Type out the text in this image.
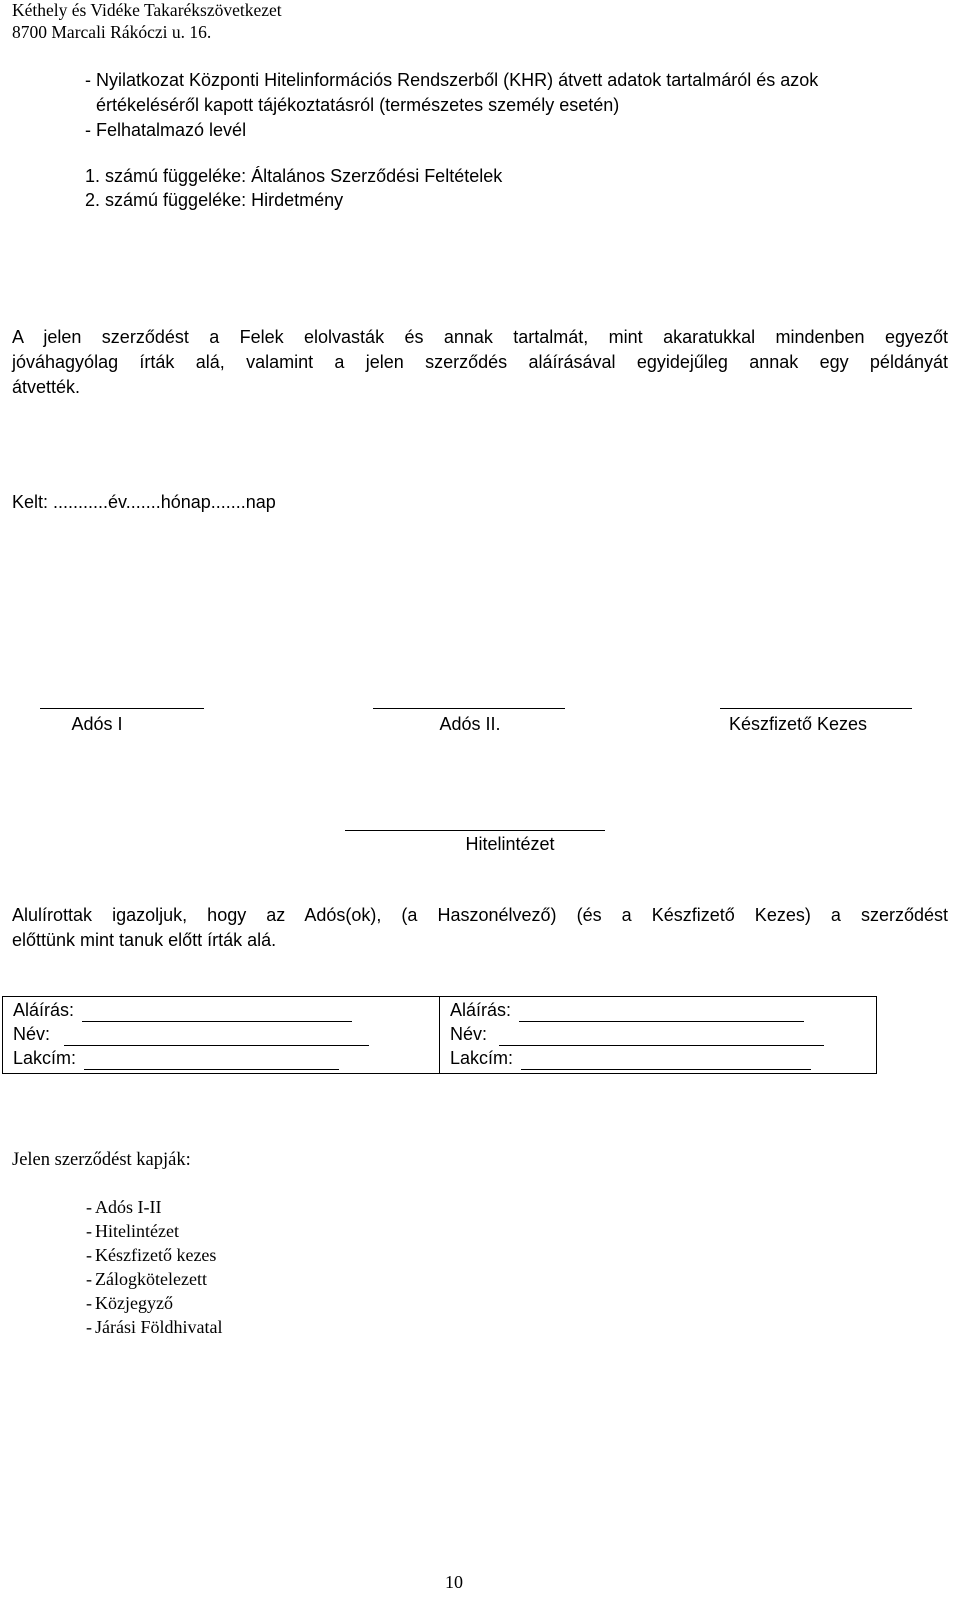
Kéthely és Vidéke Takarékszövetkezet
8700 Marcali Rákóczi u. 16.
- Nyilatkozat Központi Hitelinformációs Rendszerből (KHR) átvett adatok tartalmáról és azok
értékeléséről kapott tájékoztatásról (természetes személy esetén)
- Felhatalmazó levél
1. számú függeléke: Általános Szerződési Feltételek
2. számú függeléke: Hirdetmény
A jelen szerződést a Felek elolvasták és annak tartalmát, mint akaratukkal mindenben egyezőt
jóváhagyólag írták alá, valamint a jelen szerződés aláírásával egyidejűleg annak egy példányát
átvették.
Kelt: ...........év.......hónap.......nap
Adós I	Adós II.	Készfizető Kezes
Hitelintézet
Alulírottak igazoljuk, hogy az Adós(ok), (a Haszonélvező) (és a Készfizető Kezes) a szerződést
előttünk mint tanuk előtt írták alá.
Aláírás:
Név:
Lakcím:

Aláírás:
Név:
Lakcím:
Jelen szerződést kapják:
- Adós I-II
- Hitelintézet
- Készfizető kezes
- Zálogkötelezett
- Közjegyző
- Járási Földhivatal
10
